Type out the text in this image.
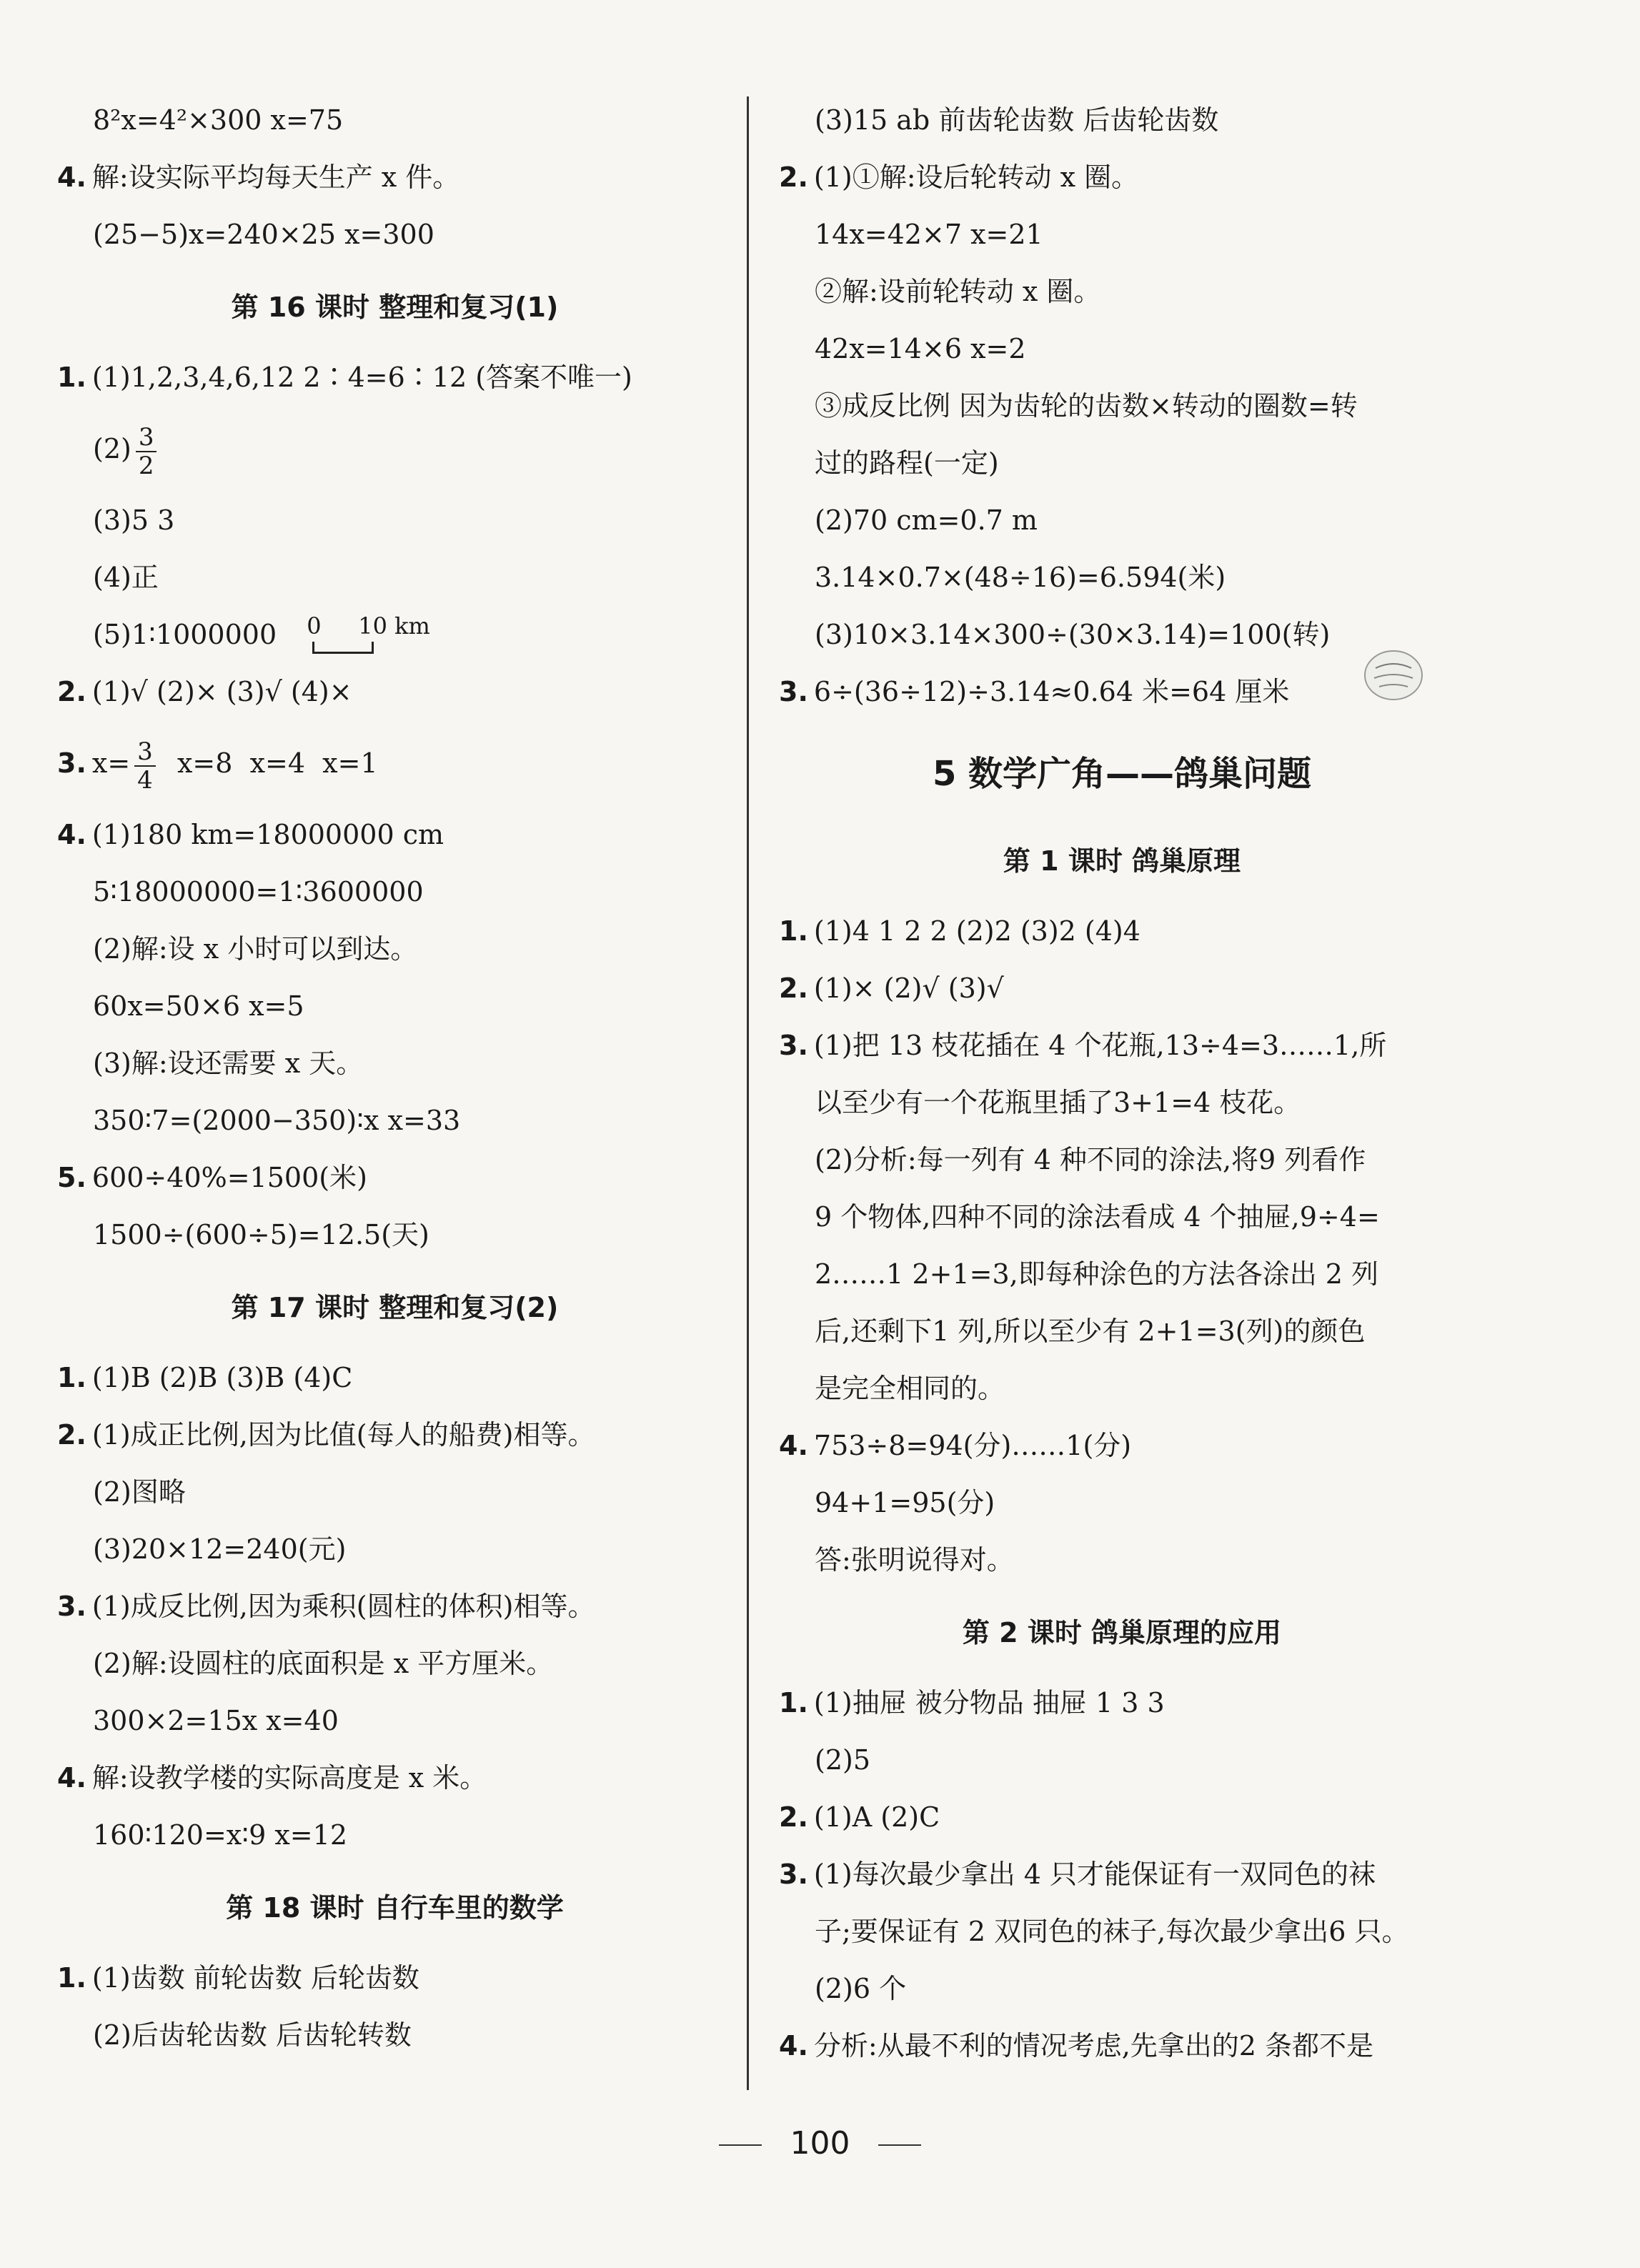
8²x=4²×300 x=75
4. 解:设实际平均每天生产 x 件。
(25−5)x=240×25 x=300
第 16 课时 整理和复习(1)
1. (1)1,2,3,4,6,12 2∶4=6∶12 (答案不唯一)
$(2) \frac{3}{2}$
(3)5 3
(4)正
(5)1∶1000000 0 10 km
2. (1)√ (2)× (3)√ (4)×
3. $x= \frac{3}{4} x=8$  x=4  x=1
4. (1)180 km=18000000 cm
5∶18000000=1∶3600000
(2)解:设 x 小时可以到达。
60x=50×6 x=5
(3)解:设还需要 x 天。
350∶7=(2000−350)∶x x=33
5. 600÷40%=1500(米)
1500÷(600÷5)=12.5(天)
第 17 课时 整理和复习(2)
1. (1)B (2)B (3)B (4)C
2. (1)成正比例,因为比值(每人的船费)相等。
(2)图略
(3)20×12=240(元)
3. (1)成反比例,因为乘积(圆柱的体积)相等。
(2)解:设圆柱的底面积是 x 平方厘米。
300×2=15x x=40
4. 解:设教学楼的实际高度是 x 米。
160∶120=x∶9 x=12
第 18 课时 自行车里的数学
1. (1)齿数 前轮齿数 后轮齿数
(2)后齿轮齿数 后齿轮转数
(3)15 ab 前齿轮齿数 后齿轮齿数
2. (1)①解:设后轮转动 x 圈。
14x=42×7 x=21
②解:设前轮转动 x 圈。
42x=14×6 x=2
③成反比例 因为齿轮的齿数×转动的圈数=转
过的路程(一定)
(2)70 cm=0.7 m
3.14×0.7×(48÷16)=6.594(米)
(3)10×3.14×300÷(30×3.14)=100(转)
3. 6÷(36÷12)÷3.14≈0.64 米=64 厘米
5 数学广角——鸽巢问题
第 1 课时 鸽巢原理
1. (1)4 1 2 2 (2)2 (3)2 (4)4
2. (1)× (2)√ (3)√
3. (1)把 13 枝花插在 4 个花瓶,13÷4=3……1,所
以至少有一个花瓶里插了3+1=4 枝花。
(2)分析:每一列有 4 种不同的涂法,将9 列看作
9 个物体,四种不同的涂法看成 4 个抽屉,9÷4=
2……1 2+1=3,即每种涂色的方法各涂出 2 列
后,还剩下1 列,所以至少有 2+1=3(列)的颜色
是完全相同的。
4. 753÷8=94(分)……1(分)
94+1=95(分)
答:张明说得对。
第 2 课时 鸽巢原理的应用
1. (1)抽屉 被分物品 抽屉 1 3 3
(2)5
2. (1)A (2)C
3. (1)每次最少拿出 4 只才能保证有一双同色的袜
子;要保证有 2 双同色的袜子,每次最少拿出6 只。
(2)6 个
4. 分析:从最不利的情况考虑,先拿出的2 条都不是
100
